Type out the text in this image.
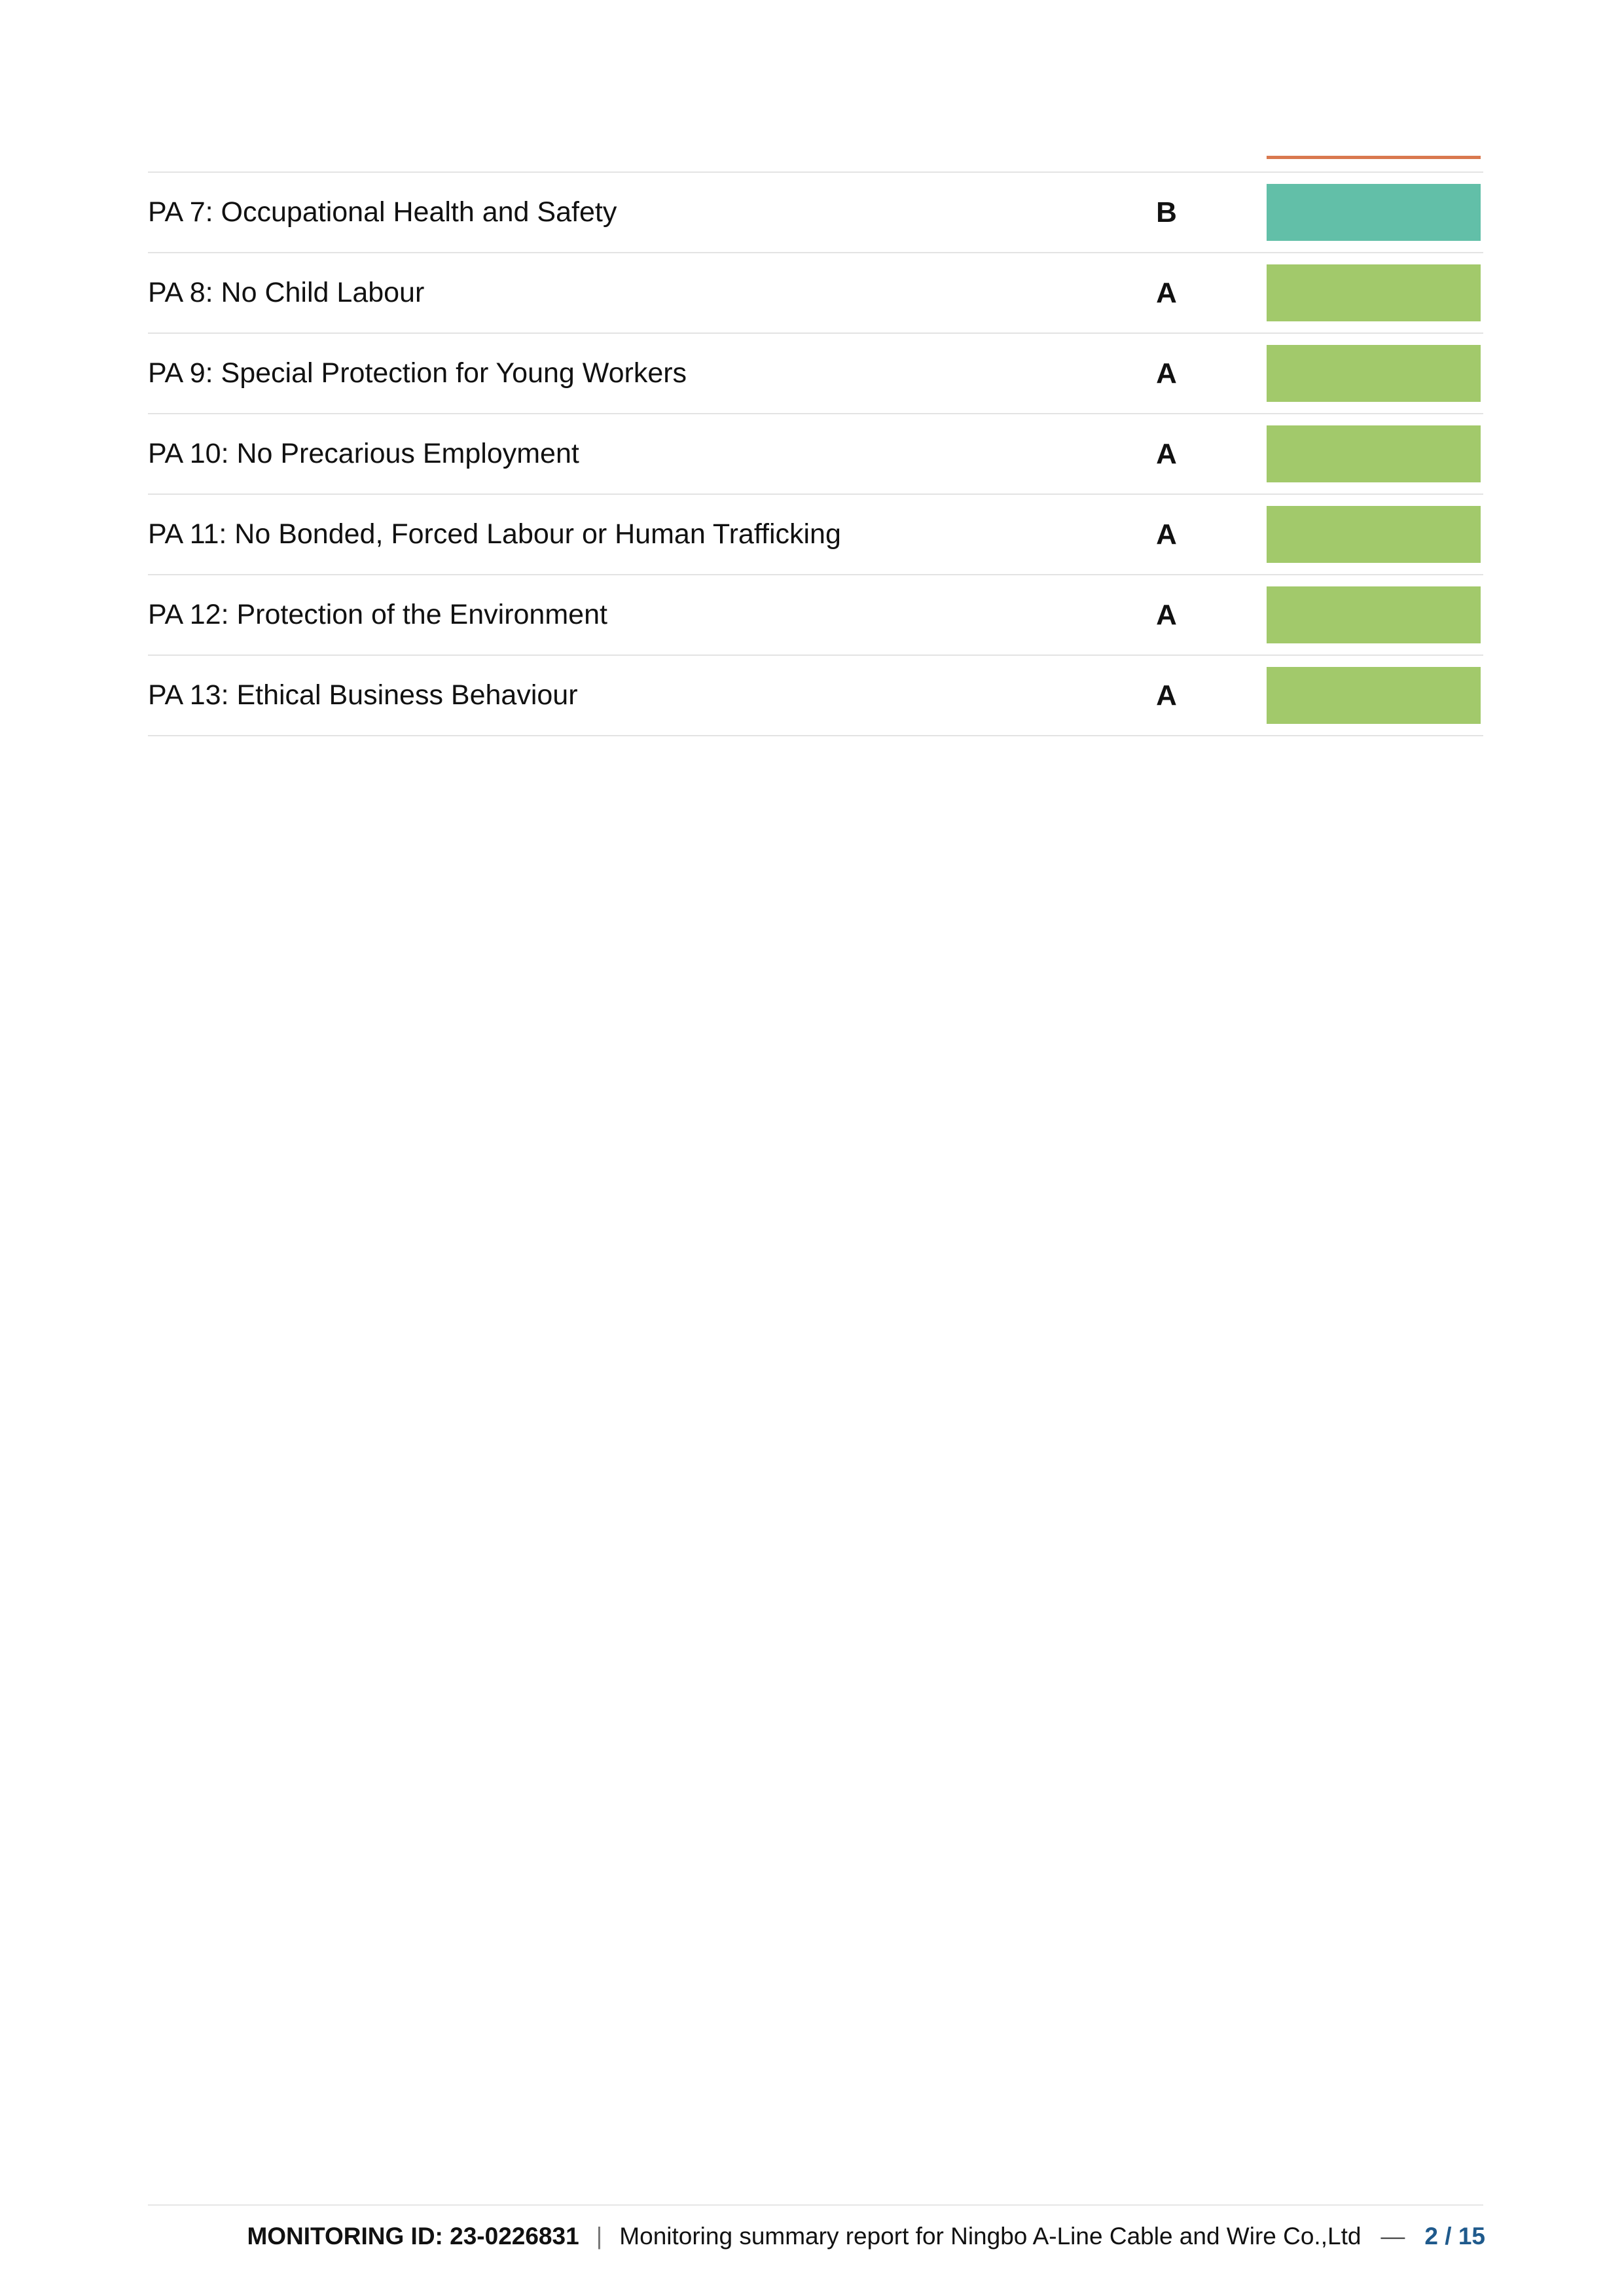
PA 7: Occupational Health and Safety	B
PA 8: No Child Labour	A
PA 9: Special Protection for Young Workers	A
PA 10: No Precarious Employment	A
PA 11: No Bonded, Forced Labour or Human Trafficking	A
PA 12: Protection of the Environment	A
PA 13: Ethical Business Behaviour	A
MONITORING ID: 23-0226831 | Monitoring summary report for Ningbo A-Line Cable and Wire Co.,Ltd — 2 / 15
